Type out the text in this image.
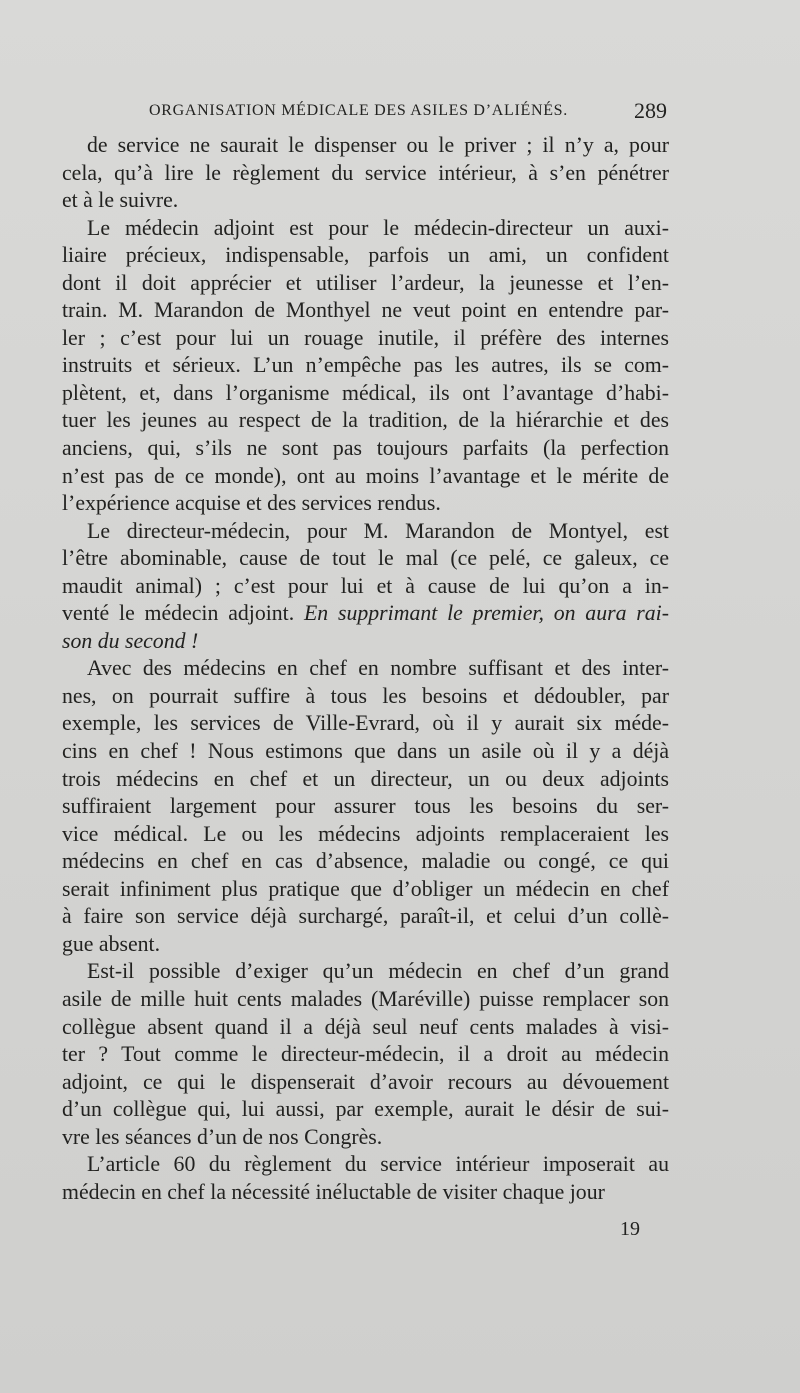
ORGANISATION MÉDICALE DES ASILES D’ALIÉNÉS.	289
de service ne saurait le dispenser ou le priver ; il n’y a, pour
cela, qu’à lire le règlement du service intérieur, à s’en pénétrer
et à le suivre.
Le médecin adjoint est pour le médecin-directeur un auxi-
liaire précieux, indispensable, parfois un ami, un confident
dont il doit apprécier et utiliser l’ardeur, la jeunesse et l’en-
train. M. Marandon de Monthyel ne veut point en entendre par-
ler ; c’est pour lui un rouage inutile, il préfère des internes
instruits et sérieux. L’un n’empêche pas les autres, ils se com-
plètent, et, dans l’organisme médical, ils ont l’avantage d’habi-
tuer les jeunes au respect de la tradition, de la hiérarchie et des
anciens, qui, s’ils ne sont pas toujours parfaits (la perfection
n’est pas de ce monde), ont au moins l’avantage et le mérite de
l’expérience acquise et des services rendus.
Le directeur-médecin, pour M. Marandon de Montyel, est
l’être abominable, cause de tout le mal (ce pelé, ce galeux, ce
maudit animal) ; c’est pour lui et à cause de lui qu’on a in-
venté le médecin adjoint. En supprimant le premier, on aura rai-
son du second !
Avec des médecins en chef en nombre suffisant et des inter-
nes, on pourrait suffire à tous les besoins et dédoubler, par
exemple, les services de Ville-Evrard, où il y aurait six méde-
cins en chef ! Nous estimons que dans un asile où il y a déjà
trois médecins en chef et un directeur, un ou deux adjoints
suffiraient largement pour assurer tous les besoins du ser-
vice médical. Le ou les médecins adjoints remplaceraient les
médecins en chef en cas d’absence, maladie ou congé, ce qui
serait infiniment plus pratique que d’obliger un médecin en chef
à faire son service déjà surchargé, paraît-il, et celui d’un collè-
gue absent.
Est-il possible d’exiger qu’un médecin en chef d’un grand
asile de mille huit cents malades (Maréville) puisse remplacer son
collègue absent quand il a déjà seul neuf cents malades à visi-
ter ? Tout comme le directeur-médecin, il a droit au médecin
adjoint, ce qui le dispenserait d’avoir recours au dévouement
d’un collègue qui, lui aussi, par exemple, aurait le désir de sui-
vre les séances d’un de nos Congrès.
L’article 60 du règlement du service intérieur imposerait au
médecin en chef la nécessité inéluctable de visiter chaque jour
19
